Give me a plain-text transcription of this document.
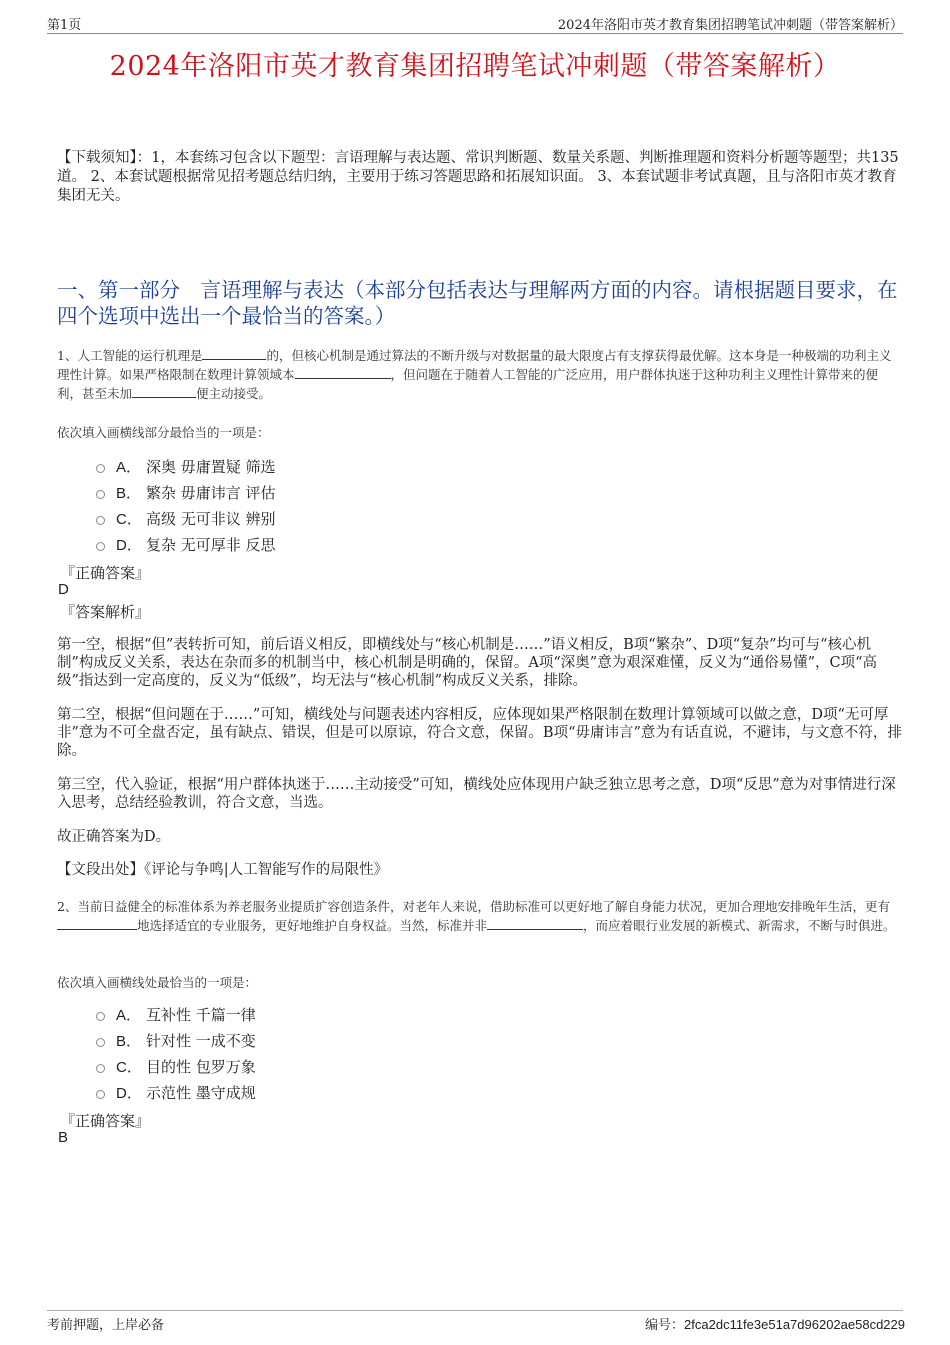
第1页	2024年洛阳市英才教育集团招聘笔试冲刺题（带答案解析）
2024年洛阳市英才教育集团招聘笔试冲刺题（带答案解析）
【下载须知】：1，本套练习包含以下题型：言语理解与表达题、常识判断题、数量关系题、判断推理题和资料分析题等题型；共135道。 2、本套试题根据常见招考题总结归纳，主要用于练习答题思路和拓展知识面。 3、本套试题非考试真题，且与洛阳市英才教育集团无关。
一、第一部分　言语理解与表达（本部分包括表达与理解两方面的内容。请根据题目要求，在四个选项中选出一个最恰当的答案。）
1、人工智能的运行机理是	的，但核心机制是通过算法的不断升级与对数据量的最大限度占有支撑获得最优解。这本身是一种极端的功利主义理性计算。如果严格限制在数理计算领域本	，但问题在于随着人工智能的广泛应用，用户群体执迷于这种功利主义理性计算带来的便利，甚至未加	便主动接受。
依次填入画横线部分最恰当的一项是：
A． 深奥 毋庸置疑 筛选
B． 繁杂 毋庸讳言 评估
C． 高级 无可非议 辨别
D． 复杂 无可厚非 反思
『正确答案』
D
『答案解析』

第一空，根据“但”表转折可知，前后语义相反，即横线处与“核心机制是……”语义相反，B项“繁杂”、D项“复杂”均可与“核心机制”构成反义关系，表达在杂而多的机制当中，核心机制是明确的，保留。A项“深奥”意为艰深难懂，反义为“通俗易懂”，C项“高级”指达到一定高度的，反义为“低级”，均无法与“核心机制”构成反义关系，排除。

第二空，根据“但问题在于……”可知，横线处与问题表述内容相反，应体现如果严格限制在数理计算领域可以做之意，D项“无可厚非”意为不可全盘否定，虽有缺点、错误，但是可以原谅，符合文意，保留。B项“毋庸讳言”意为有话直说，不避讳，与文意不符，排除。

第三空，代入验证，根据“用户群体执迷于……主动接受”可知，横线处应体现用户缺乏独立思考之意，D项“反思”意为对事情进行深入思考，总结经验教训，符合文意，当选。

故正确答案为D。

【文段出处】《评论与争鸣|人工智能写作的局限性》
2、当前日益健全的标准体系为养老服务业提质扩容创造条件，对老年人来说，借助标准可以更好地了解自身能力状况，更加合理地安排晚年生活，更有地选择适宜的专业服务，更好地维护自身权益。当然，标准并非	，而应着眼行业发展的新模式、新需求，不断与时俱进。
依次填入画横线处最恰当的一项是：
A． 互补性 千篇一律
B． 针对性 一成不变
C． 目的性 包罗万象
D． 示范性 墨守成规
『正确答案』
B
考前押题，上岸必备	编号：2fca2dc11fe3e51a7d96202ae58cd229
